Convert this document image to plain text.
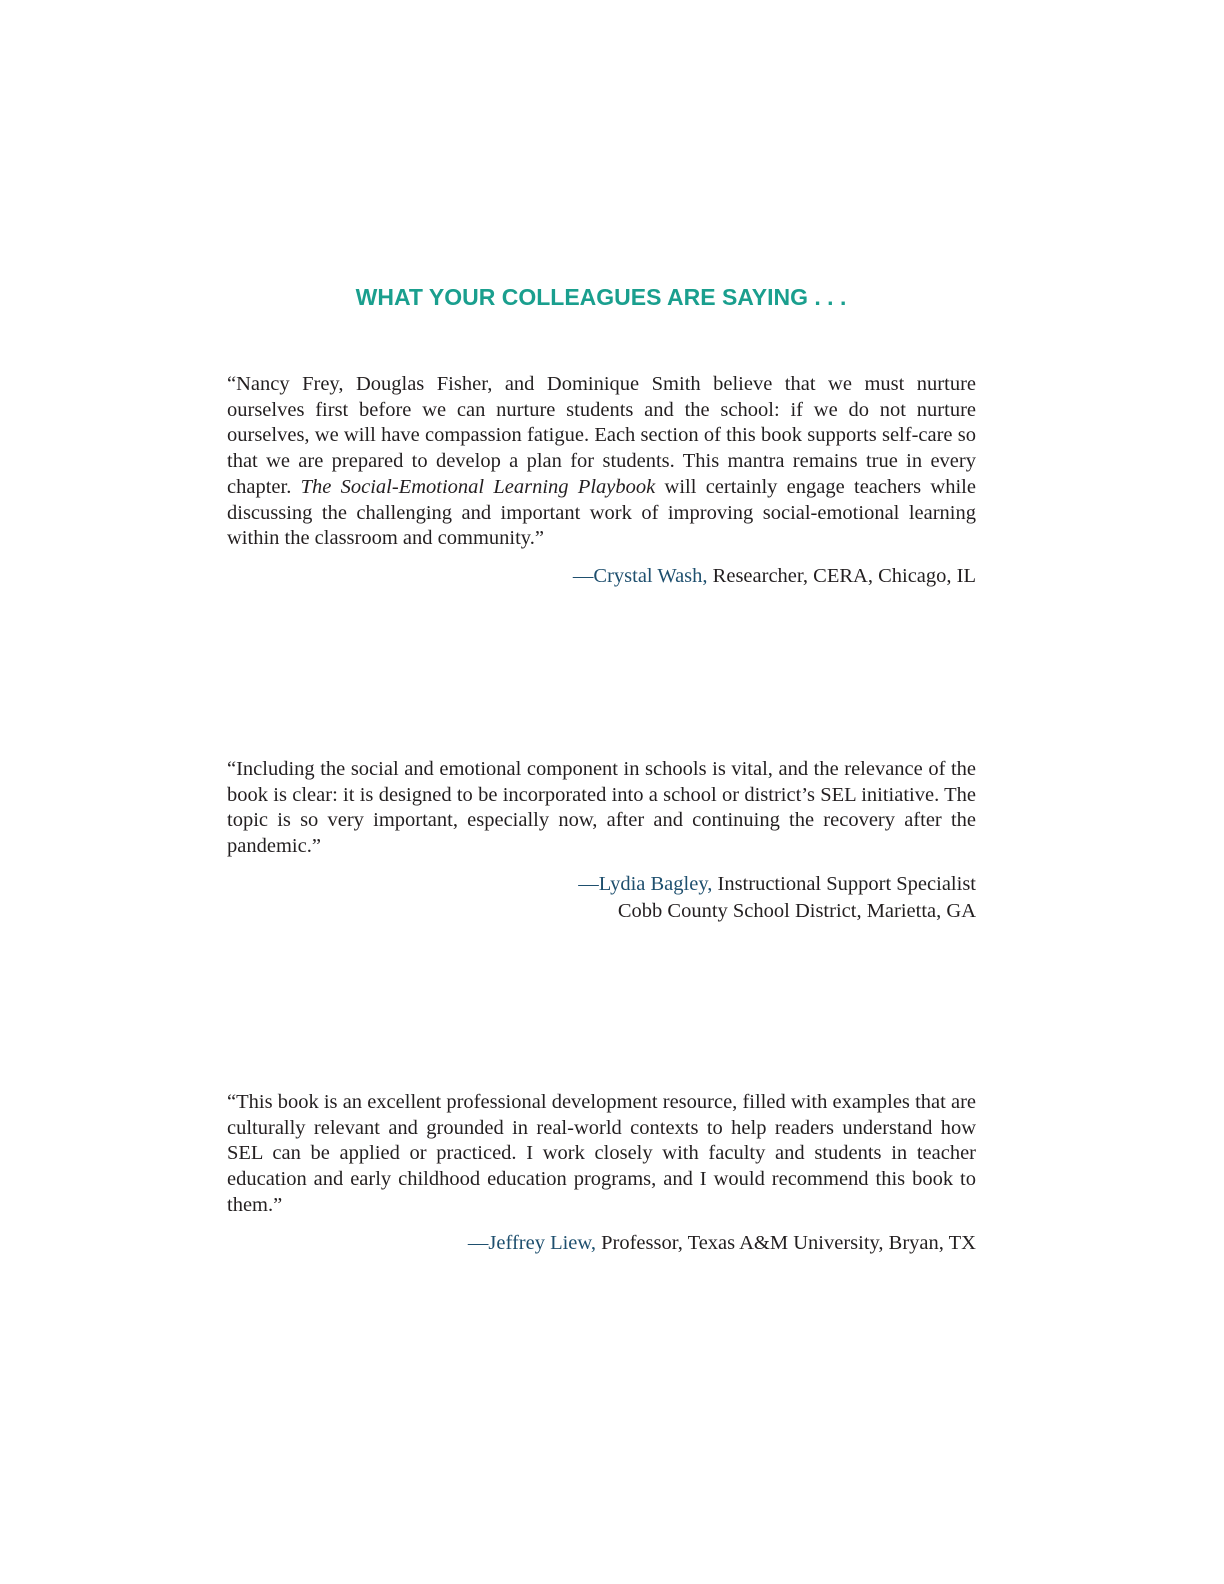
WHAT YOUR COLLEAGUES ARE SAYING . . .

“Nancy Frey, Douglas Fisher, and Dominique Smith believe that we must nurture ourselves first before we can nurture students and the school: if we do not nurture ourselves, we will have compassion fatigue. Each section of this book supports self-care so that we are prepared to develop a plan for students. This mantra remains true in every chapter. The Social-Emotional Learning Playbook will certainly engage teachers while discussing the challenging and important work of improving social-emotional learning within the classroom and community.”

—Crystal Wash, Researcher, CERA, Chicago, IL

“Including the social and emotional component in schools is vital, and the relevance of the book is clear: it is designed to be incorporated into a school or district’s SEL initiative. The topic is so very important, especially now, after and continuing the recovery after the pandemic.”

—Lydia Bagley, Instructional Support Specialist
Cobb County School District, Marietta, GA

“This book is an excellent professional development resource, filled with examples that are culturally relevant and grounded in real-world contexts to help readers understand how SEL can be applied or practiced. I work closely with faculty and students in teacher education and early childhood education programs, and I would recommend this book to them.”

—Jeffrey Liew, Professor, Texas A&M University, Bryan, TX
